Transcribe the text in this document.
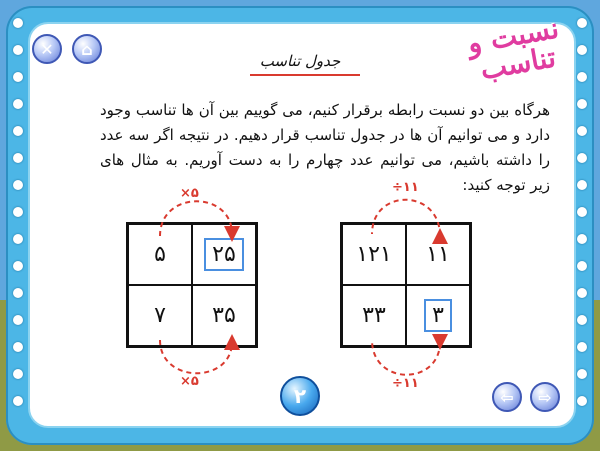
✕ ⌂	نسبت و تناسب
جدول تناسب
هرگاه بین دو نسبت رابطه برقرار کنیم، می گوییم بین آن ها تناسب وجود دارد و می توانیم آن ها در جدول تناسب قرار دهیم. در نتیجه اگر سه عدد را داشته باشیم، می توانیم عدد چهارم را به دست آوریم. به مثال های زیر توجه کنید:
۵	۲۵
۷ ۳۵
۱۲۱ ۱۱
۳۳	۳
×۵
×۵
÷۱۱
÷۱۱
۲	⇦ ⇨
